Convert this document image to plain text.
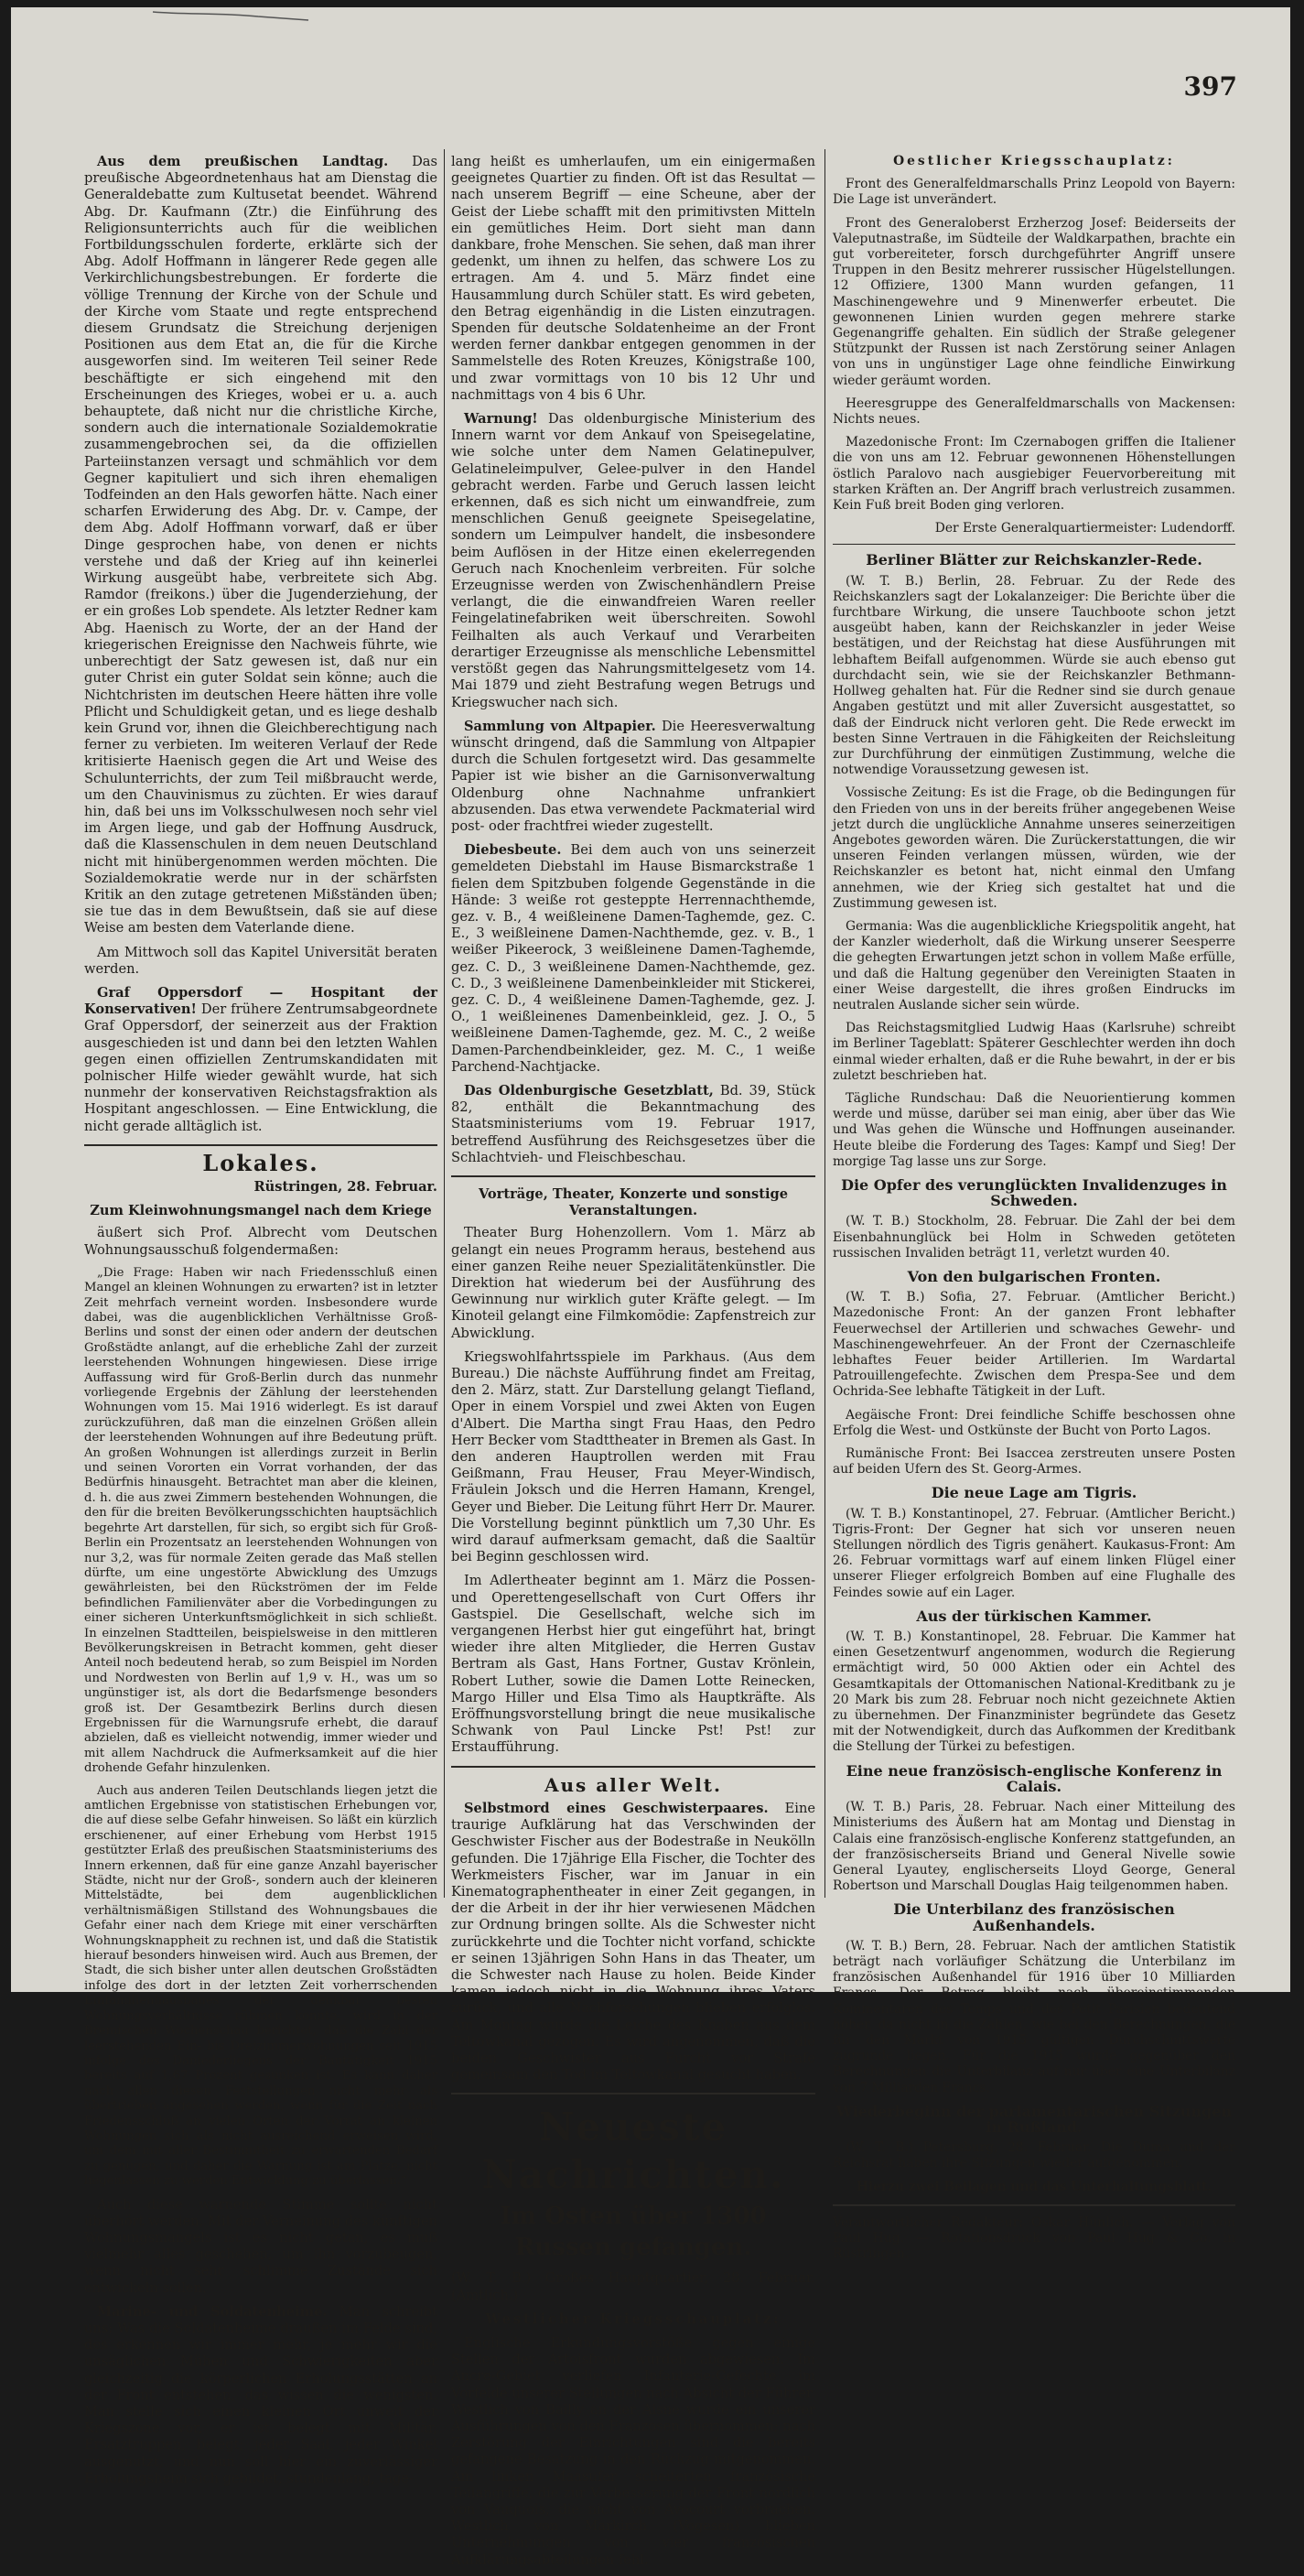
397

Aus dem preußischen Landtag. Das preußische Abgeordnetenhaus hat am Dienstag die Generaldebatte zum Kultusetat beendet. Während Abg. Dr. Kaufmann (Ztr.) die Einführung des Religionsunterrichts auch für die weiblichen Fortbildungsschulen forderte, erklärte sich der Abg. Adolf Hoffmann in längerer Rede gegen alle Verkirchlichungsbestrebungen. Er forderte die völlige Trennung der Kirche von der Schule und der Kirche vom Staate und regte entsprechend diesem Grundsatz die Streichung derjenigen Positionen aus dem Etat an, die für die Kirche ausgeworfen sind. Im weiteren Teil seiner Rede beschäftigte er sich eingehend mit den Erscheinungen des Krieges, wobei er u. a. auch behauptete, daß nicht nur die christliche Kirche, sondern auch die internationale Sozialdemokratie zusammengebrochen sei, da die offiziellen Parteiinstanzen versagt und schmählich vor dem Gegner kapituliert und sich ihren ehemaligen Todfeinden an den Hals geworfen hätte. Nach einer scharfen Erwiderung des Abg. Dr. v. Campe, der dem Abg. Adolf Hoffmann vorwarf, daß er über Dinge gesprochen habe, von denen er nichts verstehe und daß der Krieg auf ihn keinerlei Wirkung ausgeübt habe, verbreitete sich Abg. Ramdor (freikons.) über die Jugenderziehung, der er ein großes Lob spendete. Als letzter Redner kam Abg. Haenisch zu Worte, der an der Hand der kriegerischen Ereignisse den Nachweis führte, wie unberechtigt der Satz gewesen ist, daß nur ein guter Christ ein guter Soldat sein könne; auch die Nichtchristen im deutschen Heere hätten ihre volle Pflicht und Schuldigkeit getan, und es liege deshalb kein Grund vor, ihnen die Gleichberechtigung nach ferner zu verbieten. Im weiteren Verlauf der Rede kritisierte Haenisch gegen die Art und Weise des Schulunterrichts, der zum Teil mißbraucht werde, um den Chauvinismus zu züchten. Er wies darauf hin, daß bei uns im Volksschulwesen noch sehr viel im Argen liege, und gab der Hoffnung Ausdruck, daß die Klassenschulen in dem neuen Deutschland nicht mit hinübergenommen werden möchten. Die Sozialdemokratie werde nur in der schärfsten Kritik an den zutage getretenen Mißständen üben; sie tue das in dem Bewußtsein, daß sie auf diese Weise am besten dem Vaterlande diene.

Am Mittwoch soll das Kapitel Universität beraten werden.

Graf Oppersdorf — Hospitant der Konservativen! Der frühere Zentrumsabgeordnete Graf Oppersdorf, der seinerzeit aus der Fraktion ausgeschieden ist und dann bei den letzten Wahlen gegen einen offiziellen Zentrumskandidaten mit polnischer Hilfe wieder gewählt wurde, hat sich nunmehr der konservativen Reichstagsfraktion als Hospitant angeschlossen. — Eine Entwicklung, die nicht gerade alltäglich ist.

Lokales.

Rüstringen, 28. Februar.

Zum Kleinwohnungsmangel nach dem Kriege

äußert sich Prof. Albrecht vom Deutschen Wohnungsausschuß folgendermaßen:

„Die Frage: Haben wir nach Friedensschluß einen Mangel an kleinen Wohnungen zu erwarten? ist in letzter Zeit mehrfach verneint worden. Insbesondere wurde dabei, was die augenblicklichen Verhältnisse Groß-Berlins und sonst der einen oder andern der deutschen Großstädte anlangt, auf die erhebliche Zahl der zurzeit leerstehenden Wohnungen hingewiesen. Diese irrige Auffassung wird für Groß-Berlin durch das nunmehr vorliegende Ergebnis der Zählung der leerstehenden Wohnungen vom 15. Mai 1916 widerlegt. Es ist darauf zurückzuführen, daß man die einzelnen Größen allein der leerstehenden Wohnungen auf ihre Bedeutung prüft. An großen Wohnungen ist allerdings zurzeit in Berlin und seinen Vororten ein Vorrat vorhanden, der das Bedürfnis hinausgeht. Betrachtet man aber die kleinen, d. h. die aus zwei Zimmern bestehenden Wohnungen, die den für die breiten Bevölkerungsschichten hauptsächlich begehrte Art darstellen, für sich, so ergibt sich für Groß-Berlin ein Prozentsatz an leerstehenden Wohnungen von nur 3,2, was für normale Zeiten gerade das Maß stellen dürfte, um eine ungestörte Abwicklung des Umzugs gewährleisten, bei den Rückströmen der im Felde befindlichen Familienväter aber die Vorbedingungen zu einer sicheren Unterkunftsmöglichkeit in sich schließt. In einzelnen Stadtteilen, beispielsweise in den mittleren Bevölkerungskreisen in Betracht kommen, geht dieser Anteil noch bedeutend herab, so zum Beispiel im Norden und Nordwesten von Berlin auf 1,9 v. H., was um so ungünstiger ist, als dort die Bedarfsmenge besonders groß ist. Der Gesamtbezirk Berlins durch diesen Ergebnissen für die Warnungsrufe erhebt, die darauf abzielen, daß es vielleicht notwendig, immer wieder und mit allem Nachdruck die Aufmerksamkeit auf die hier drohende Gefahr hinzulenken.

Auch aus anderen Teilen Deutschlands liegen jetzt die amtlichen Ergebnisse von statistischen Erhebungen vor, die auf diese selbe Gefahr hinweisen. So läßt ein kürzlich erschienener, auf einer Erhebung vom Herbst 1915 gestützter Erlaß des preußischen Staatsministeriums des Innern erkennen, daß für eine ganze Anzahl bayerischer Städte, nicht nur der Groß-, sondern auch der kleineren Mittelstädte, bei dem augenblicklichen verhältnismäßigen Stillstand des Wohnungsbaues die Gefahr einer nach dem Kriege mit einer verschärften Wohnungsknappheit zu rechnen ist, und daß die Statistik hierauf besonders hinweisen wird. Auch aus Bremen, der Stadt, die sich bisher unter allen deutschen Großstädten infolge des dort in der letzten Zeit vorherrschenden Einfamilienhausbaues der denkbar besten Wohnungsverhältnisse rühmen konnte, wird in der Bremischen Wochenschau berichtet, daß die Zahl der leerstehenden Ein- bis Dreizimmerwohnungen seit 1915 infolge des Daniederliegens der Bautätigkeit 1915 bereits auf 1,67 Prozent gesunken ist. Es kann daher nach allen diesen Feststellungen nicht mehr als übertrieben angesehen werden, wenn für die Zeit nach Friedensschluß an vielen Orten der Vorrat an kleinen Wohnungen sich als nicht ausreichend erweisen wird, um dem mit aller Bestimmtheit zu erwartenden Bedarf zu genügen, und daher die Warnung ist am Platze, nicht liegenlassen zu werden Entwicklung zu überlassen.“

Auch diese warnende Stimme sollte nicht überhört werden. Mit der Verneinung des künftigen Wohnungsmangels ist es nicht getan, es muß vielmehr alles geschehen, um ihn vorzubeugen, wenn nicht sehr schlimme Zustände sich entwickeln sollen.

Marine- und Soldatenheime. Man schreibt uns: Was die Soldatenheime draußen im Felde sind, des erkennen wir immer mehr, je mehr wir die unsäglichen Mühen und Schwierigkeiten aber gleichzeitig die körperlichen Erholungsstätten an der Front entstehen, das wissen die wenigsten. Man stelle sich einen kleinen Ort unweit der Kriegszone vor, er ist belegt mit Militär, Ersatztruppen, belegt; jeder Saal, jeder Winkel ausgenutzt, und nun soll hier ein zuverlässiger Erholungsheim sich gebildet, stundenlang, tage-

lang heißt es umherlaufen, um ein einigermaßen geeignetes Quartier zu finden. Oft ist das Resultat — nach unserem Begriff — eine Scheune, aber der Geist der Liebe schafft mit den primitivsten Mitteln ein gemütliches Heim. Dort sieht man dann dankbare, frohe Menschen. Sie sehen, daß man ihrer gedenkt, um ihnen zu helfen, das schwere Los zu ertragen. Am 4. und 5. März findet eine Hausammlung durch Schüler statt. Es wird gebeten, den Betrag eigenhändig in die Listen einzutragen. Spenden für deutsche Soldatenheime an der Front werden ferner dankbar entgegen genommen in der Sammelstelle des Roten Kreuzes, Königstraße 100, und zwar vormittags von 10 bis 12 Uhr und nachmittags von 4 bis 6 Uhr.

Warnung! Das oldenburgische Ministerium des Innern warnt vor dem Ankauf von Speisegelatine, wie solche unter dem Namen Gelatinepulver, Gelatineleimpulver, Gelee-pulver in den Handel gebracht werden. Farbe und Geruch lassen leicht erkennen, daß es sich nicht um einwandfreie, zum menschlichen Genuß geeignete Speisegelatine, sondern um Leimpulver handelt, die insbesondere beim Auflösen in der Hitze einen ekelerregenden Geruch nach Knochenleim verbreiten. Für solche Erzeugnisse werden von Zwischenhändlern Preise verlangt, die die einwandfreien Waren reeller Feingelatinefabriken weit überschreiten. Sowohl Feilhalten als auch Verkauf und Verarbeiten derartiger Erzeugnisse als menschliche Lebensmittel verstößt gegen das Nahrungsmittelgesetz vom 14. Mai 1879 und zieht Bestrafung wegen Betrugs und Kriegswucher nach sich.

Sammlung von Altpapier. Die Heeresverwaltung wünscht dringend, daß die Sammlung von Altpapier durch die Schulen fortgesetzt wird. Das gesammelte Papier ist wie bisher an die Garnisonverwaltung Oldenburg ohne Nachnahme unfrankiert abzusenden. Das etwa verwendete Packmaterial wird post- oder frachtfrei wieder zugestellt.

Diebesbeute. Bei dem auch von uns seinerzeit gemeldeten Diebstahl im Hause Bismarckstraße 1 fielen dem Spitzbuben folgende Gegenstände in die Hände: 3 weiße rot gesteppte Herrennachthemde, gez. v. B., 4 weißleinene Damen-Taghemde, gez. C. E., 3 weißleinene Damen-Nachthemde, gez. v. B., 1 weißer Pikeerock, 3 weißleinene Damen-Taghemde, gez. C. D., 3 weißleinene Damen-Nachthemde, gez. C. D., 3 weißleinene Damenbeinkleider mit Stickerei, gez. C. D., 4 weißleinene Damen-Taghemde, gez. J. O., 1 weißleinenes Damenbeinkleid, gez. J. O., 5 weißleinene Damen-Taghemde, gez. M. C., 2 weiße Damen-Parchendbeinkleider, gez. M. C., 1 weiße Parchend-Nachtjacke.

Das Oldenburgische Gesetzblatt, Bd. 39, Stück 82, enthält die Bekanntmachung des Staatsministeriums vom 19. Februar 1917, betreffend Ausführung des Reichsgesetzes über die Schlachtvieh- und Fleischbeschau.

Vorträge, Theater, Konzerte und sonstige Veranstaltungen.

Theater Burg Hohenzollern. Vom 1. März ab gelangt ein neues Programm heraus, bestehend aus einer ganzen Reihe neuer Spezialitätenkünstler. Die Direktion hat wiederum bei der Ausführung des Gewinnung nur wirklich guter Kräfte gelegt. — Im Kinoteil gelangt eine Filmkomödie: Zapfenstreich zur Abwicklung.

Kriegswohlfahrtsspiele im Parkhaus. (Aus dem Bureau.) Die nächste Aufführung findet am Freitag, den 2. März, statt. Zur Darstellung gelangt Tiefland, Oper in einem Vorspiel und zwei Akten von Eugen d'Albert. Die Martha singt Frau Haas, den Pedro Herr Becker vom Stadttheater in Bremen als Gast. In den anderen Hauptrollen werden mit Frau Geißmann, Frau Heuser, Frau Meyer-Windisch, Fräulein Joksch und die Herren Hamann, Krengel, Geyer und Bieber. Die Leitung führt Herr Dr. Maurer. Die Vorstellung beginnt pünktlich um 7,30 Uhr. Es wird darauf aufmerksam gemacht, daß die Saaltür bei Beginn geschlossen wird.

Im Adlertheater beginnt am 1. März die Possen- und Operettengesellschaft von Curt Offers ihr Gastspiel. Die Gesellschaft, welche sich im vergangenen Herbst hier gut eingeführt hat, bringt wieder ihre alten Mitglieder, die Herren Gustav Bertram als Gast, Hans Fortner, Gustav Krönlein, Robert Luther, sowie die Damen Lotte Reinecken, Margo Hiller und Elsa Timo als Hauptkräfte. Als Eröffnungsvorstellung bringt die neue musikalische Schwank von Paul Lincke Pst! Pst! zur Erstaufführung.

Aus aller Welt.

Selbstmord eines Geschwisterpaares. Eine traurige Aufklärung hat das Verschwinden der Geschwister Fischer aus der Bodestraße in Neukölln gefunden. Die 17jährige Ella Fischer, die Tochter des Werkmeisters Fischer, war im Januar in ein Kinematographentheater in einer Zeit gegangen, in der die Arbeit in der ihr hier verwiesenen Mädchen zur Ordnung bringen sollte. Als die Schwester nicht zurückkehrte und die Tochter nicht vorfand, schickte er seinen 13jährigen Sohn Hans in das Theater, um die Schwester nach Hause zu holen. Beide Kinder kamen jedoch nicht in die Wohnung ihres Vaters zurück, und alle Nachforschungen blieben erfolglos. Am Montag wurde die Leiche des Knaben aus dem Teltowkanal gezogen. Es wird angenommen, daß die beiden Geschwister aus Furcht vor Strafe gemeinsam den Tod im Teltowkanal gesucht haben.

Neueste Nachrichten.
Im Osten über 1300 Russen gefangen.

(W. T. B.) Großes Hauptquartier, 28. Februar. (Amtlich.)

Westlicher Kriegsschauplatz:

Englische Erkundungsvorstöße gegen einige Stellen der Artoisfront wurden abgewiesen. Im Ancre-Gebiet verliefen Infanterie-Gefechte im Vorfelde unserer Stellungen nach Absicht der Führer. Westlich von Bailly an der Aisne wurde ein unserer Ausführungen von den Franzosen übernommen; nach Zerstörung der Einrichtungen sind die bereits gefangene Besatzung in den Rückzug mitgenommen. Am linken Maasufer scheiterten französische Teilangriffe, die zur Verbesserung der Front nördlich von Vauquois, die nicht von Avocourt vorbrachen. Westlich von Markirch (Vogesen) blieben Unternehmungen von vier französischen Aufklärungsabteilungen fehl.

Oestlicher Kriegsschauplatz:

Front des Generalfeldmarschalls Prinz Leopold von Bayern: Die Lage ist unverändert.

Front des Generaloberst Erzherzog Josef: Beiderseits der Valeputnastraße, im Südteile der Waldkarpathen, brachte ein gut vorbereiteter, forsch durchgeführter Angriff unsere Truppen in den Besitz mehrerer russischer Hügelstellungen. 12 Offiziere, 1300 Mann wurden gefangen, 11 Maschinengewehre und 9 Minenwerfer erbeutet. Die gewonnenen Linien wurden gegen mehrere starke Gegenangriffe gehalten. Ein südlich der Straße gelegener Stützpunkt der Russen ist nach Zerstörung seiner Anlagen von uns in ungünstiger Lage ohne feindliche Einwirkung wieder geräumt worden.

Heeresgruppe des Generalfeldmarschalls von Mackensen: Nichts neues.

Mazedonische Front: Im Czernabogen griffen die Italiener die von uns am 12. Februar gewonnenen Höhenstellungen östlich Paralovo nach ausgiebiger Feuervorbereitung mit starken Kräften an. Der Angriff brach verlustreich zusammen. Kein Fuß breit Boden ging verloren.

Der Erste Generalquartiermeister: Ludendorff.

Berliner Blätter zur Reichskanzler-Rede.

(W. T. B.) Berlin, 28. Februar. Zu der Rede des Reichskanzlers sagt der Lokalanzeiger: Die Berichte über die furchtbare Wirkung, die unsere Tauchboote schon jetzt ausgeübt haben, kann der Reichskanzler in jeder Weise bestätigen, und der Reichstag hat diese Ausführungen mit lebhaftem Beifall aufgenommen. Würde sie auch ebenso gut durchdacht sein, wie sie der Reichskanzler Bethmann-Hollweg gehalten hat. Für die Redner sind sie durch genaue Angaben gestützt und mit aller Zuversicht ausgestattet, so daß der Eindruck nicht verloren geht. Die Rede erweckt im besten Sinne Vertrauen in die Fähigkeiten der Reichsleitung zur Durchführung der einmütigen Zustimmung, welche die notwendige Voraussetzung gewesen ist.

Vossische Zeitung: Es ist die Frage, ob die Bedingungen für den Frieden von uns in der bereits früher angegebenen Weise jetzt durch die unglückliche Annahme unseres seinerzeitigen Angebotes geworden wären. Die Zurückerstattungen, die wir unseren Feinden verlangen müssen, würden, wie der Reichskanzler es betont hat, nicht einmal den Umfang annehmen, wie der Krieg sich gestaltet hat und die Zustimmung gewesen ist.

Germania: Was die augenblickliche Kriegspolitik angeht, hat der Kanzler wiederholt, daß die Wirkung unserer Seesperre die gehegten Erwartungen jetzt schon in vollem Maße erfülle, und daß die Haltung gegenüber den Vereinigten Staaten in einer Weise dargestellt, die ihres großen Eindrucks im neutralen Auslande sicher sein würde.

Das Reichstagsmitglied Ludwig Haas (Karlsruhe) schreibt im Berliner Tageblatt: Späterer Geschlechter werden ihn doch einmal wieder erhalten, daß er die Ruhe bewahrt, in der er bis zuletzt beschrieben hat.

Tägliche Rundschau: Daß die Neuorientierung kommen werde und müsse, darüber sei man einig, aber über das Wie und Was gehen die Wünsche und Hoffnungen auseinander. Heute bleibe die Forderung des Tages: Kampf und Sieg! Der morgige Tag lasse uns zur Sorge.

Die Opfer des verunglückten Invalidenzuges in Schweden.

(W. T. B.) Stockholm, 28. Februar. Die Zahl der bei dem Eisenbahnunglück bei Holm in Schweden getöteten russischen Invaliden beträgt 11, verletzt wurden 40.

Von den bulgarischen Fronten.

(W. T. B.) Sofia, 27. Februar. (Amtlicher Bericht.) Mazedonische Front: An der ganzen Front lebhafter Feuerwechsel der Artillerien und schwaches Gewehr- und Maschinengewehrfeuer. An der Front der Czernaschleife lebhaftes Feuer beider Artillerien. Im Wardartal Patrouillengefechte. Zwischen dem Prespa-See und dem Ochrida-See lebhafte Tätigkeit in der Luft.

Aegäische Front: Drei feindliche Schiffe beschossen ohne Erfolg die West- und Ostkünste der Bucht von Porto Lagos.

Rumänische Front: Bei Isaccea zerstreuten unsere Posten auf beiden Ufern des St. Georg-Armes.

Die neue Lage am Tigris.

(W. T. B.) Konstantinopel, 27. Februar. (Amtlicher Bericht.) Tigris-Front: Der Gegner hat sich vor unseren neuen Stellungen nördlich des Tigris genähert. Kaukasus-Front: Am 26. Februar vormittags warf auf einem linken Flügel einer unserer Flieger erfolgreich Bomben auf eine Flughalle des Feindes sowie auf ein Lager.

Aus der türkischen Kammer.

(W. T. B.) Konstantinopel, 28. Februar. Die Kammer hat einen Gesetzentwurf angenommen, wodurch die Regierung ermächtigt wird, 50 000 Aktien oder ein Achtel des Gesamtkapitals der Ottomanischen National-Kreditbank zu je 20 Mark bis zum 28. Februar noch nicht gezeichnete Aktien zu übernehmen. Der Finanzminister begründete das Gesetz mit der Notwendigkeit, durch das Aufkommen der Kreditbank die Stellung der Türkei zu befestigen.

Eine neue französisch-englische Konferenz in Calais.

(W. T. B.) Paris, 28. Februar. Nach einer Mitteilung des Ministeriums des Äußern hat am Montag und Dienstag in Calais eine französisch-englische Konferenz stattgefunden, an der französischerseits Briand und General Nivelle sowie General Lyautey, englischerseits Lloyd George, General Robertson und Marschall Douglas Haig teilgenommen haben.

Die Unterbilanz des französischen Außenhandels.

(W. T. B.) Bern, 28. Februar. Nach der amtlichen Statistik beträgt nach vorläufiger Schätzung die Unterbilanz im französischen Außenhandel für 1916 über 10 Milliarden Francs. Der Betrag bleibt nach übereinstimmenden Kommentaren des Temps und des Petit Parisien bedeutend höher, da nicht in die Zahlen, wie bei den Berechnungen, die für den Markt von 1915 gültigen Durchschnittswerte zugrunde liegen. Für die 1915 wurde gegenüber den Berechnungen die Unterbilanz auf nur über eine Unterbilanz von 7 Milliarden Francs.

Wiederbeginn der parlamentarischen Sitzungen in Rußland.

(W. T. B.) Petersburg, 28. Februar. Die Duma und der Reichsrat haben ihre Sitzungen wieder aufgenommen.

Hierzu zwei Beilagen und das Unterhaltungsblatt.

Verantwortlicher Redakteur: Oskar Hünlich. — Verlag von Paul Hug. — Rotationsdruck von Paul Hug & Co. in Rüstringen.
